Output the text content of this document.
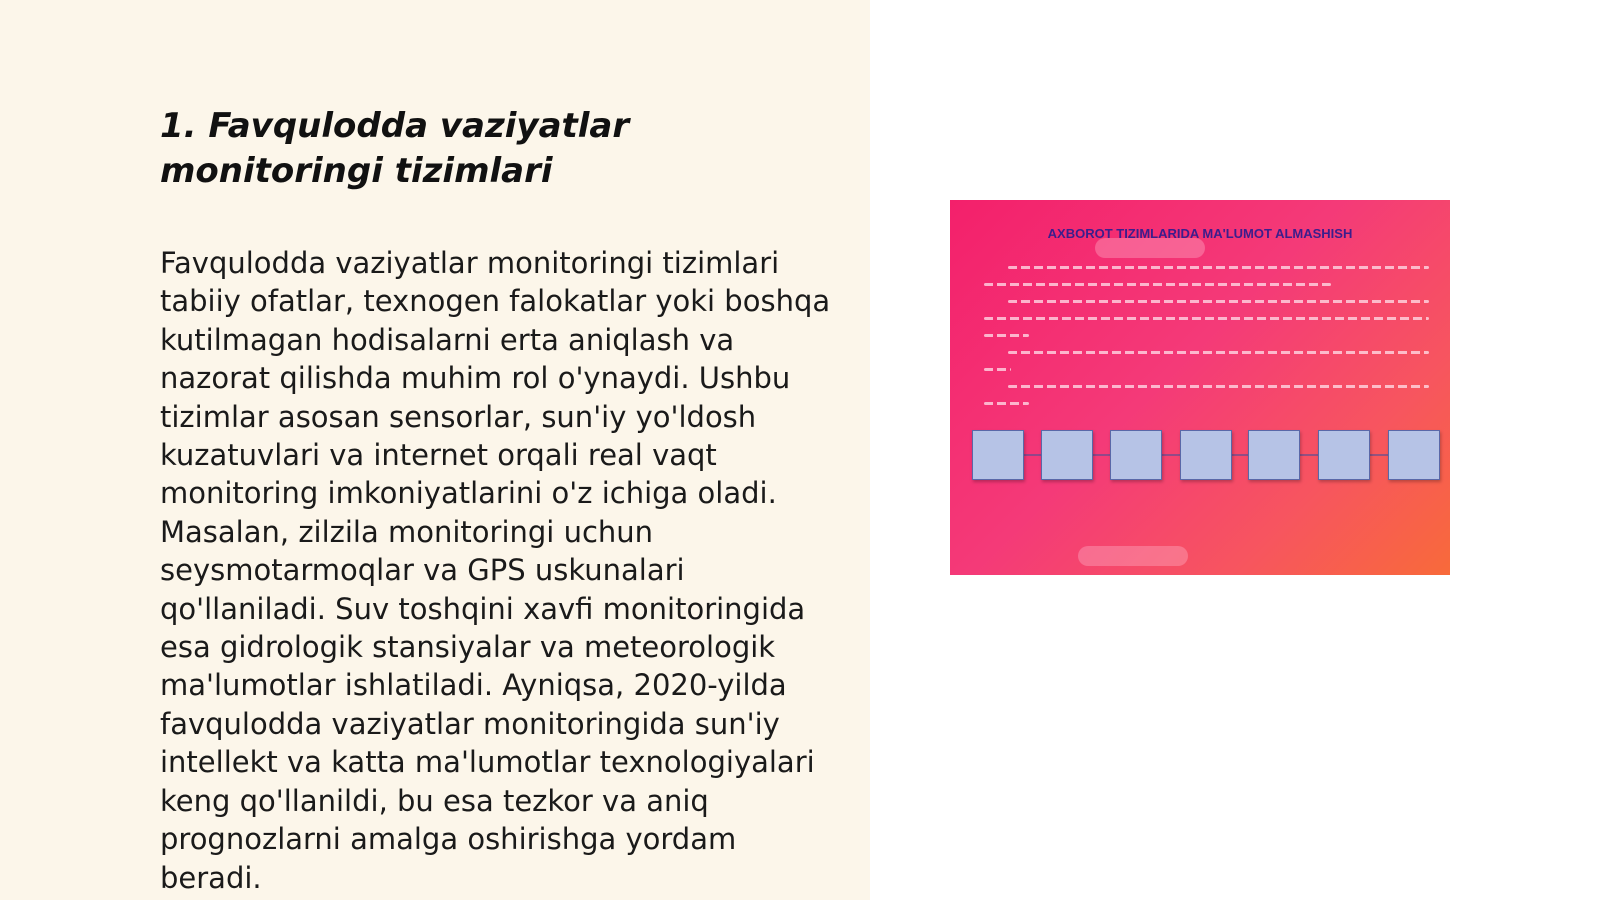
1. Favqulodda vaziyatlar monitoringi tizimlari

Favqulodda vaziyatlar monitoringi tizimlari tabiiy ofatlar, texnogen falokatlar yoki boshqa kutilmagan hodisalarni erta aniqlash va nazorat qilishda muhim rol o'ynaydi. Ushbu tizimlar asosan sensorlar, sun'iy yo'ldosh kuzatuvlari va internet orqali real vaqt monitoring imkoniyatlarini o'z ichiga oladi. Masalan, zilzila monitoringi uchun seysmotarmoqlar va GPS uskunalari qo'llaniladi. Suv toshqini xavfi monitoringida esa gidrologik stansiyalar va meteorologik ma'lumotlar ishlatiladi. Ayniqsa, 2020-yilda favqulodda vaziyatlar monitoringida sun'iy intellekt va katta ma'lumotlar texnologiyalari keng qo'llanildi, bu esa tezkor va aniq prognozlarni amalga oshirishga yordam beradi.

AXBOROT TIZIMLARIDA MA'LUMOT ALMASHISH
